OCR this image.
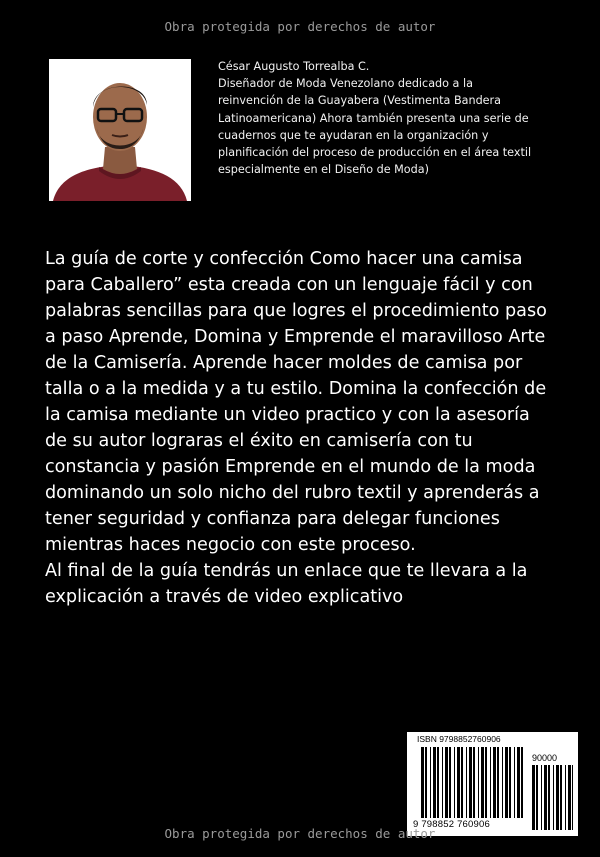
Obra protegida por derechos de autor

César Augusto Torrealba C.

Diseñador de Moda Venezolano dedicado a la

reinvención de la Guayabera (Vestimenta Bandera

Latinoamericana) Ahora también presenta una serie de

cuadernos que te ayudaran en la organización y

planificación del proceso de producción en el área textil

especialmente en el Diseño de Moda)

La guía de corte y confección Como hacer una camisa para Caballero” esta creada con un lenguaje fácil y con palabras sencillas para que logres el procedimiento paso a paso Aprende, Domina y Emprende el maravilloso Arte de la Camisería. Aprende hacer moldes de camisa por talla o a la medida y a tu estilo. Domina la confección de la camisa mediante un video practico y con la asesoría de su autor lograras el éxito en camisería con tu constancia y pasión Emprende en el mundo de la moda dominando un solo nicho del rubro textil y aprenderás a tener seguridad y confianza para delegar funciones mientras haces negocio con este proceso.

Al final de la guía tendrás un enlace que te llevara a la explicación a través de video explicativo

ISBN 9798852760906
90000
9 798852 760906
Obra protegida por derechos de autor
